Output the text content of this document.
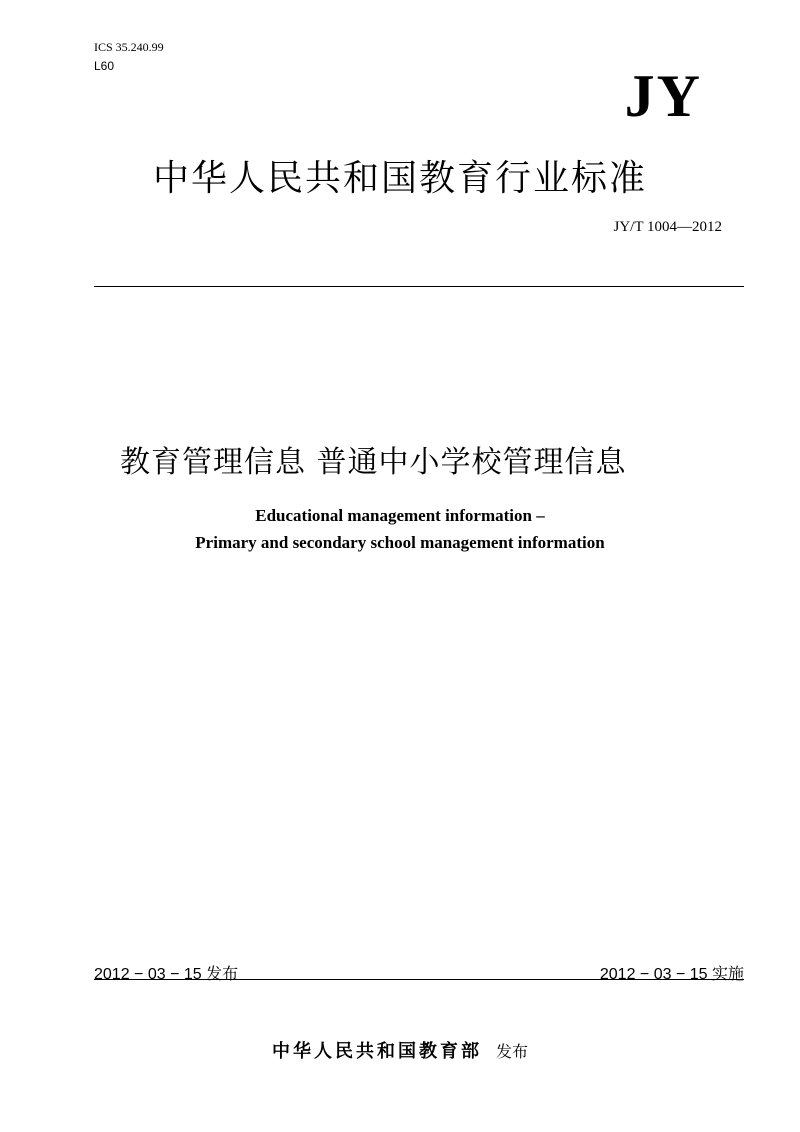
ICS 35.240.99
L60	JY
中华人民共和国教育行业标准
JY/T 1004—2012
教育管理信息 普通中小学校管理信息
Educational management information –
Primary and secondary school management information
2012 − 03 − 15 发布	2012 − 03 − 15 实施
中华人民共和国教育部 发布
